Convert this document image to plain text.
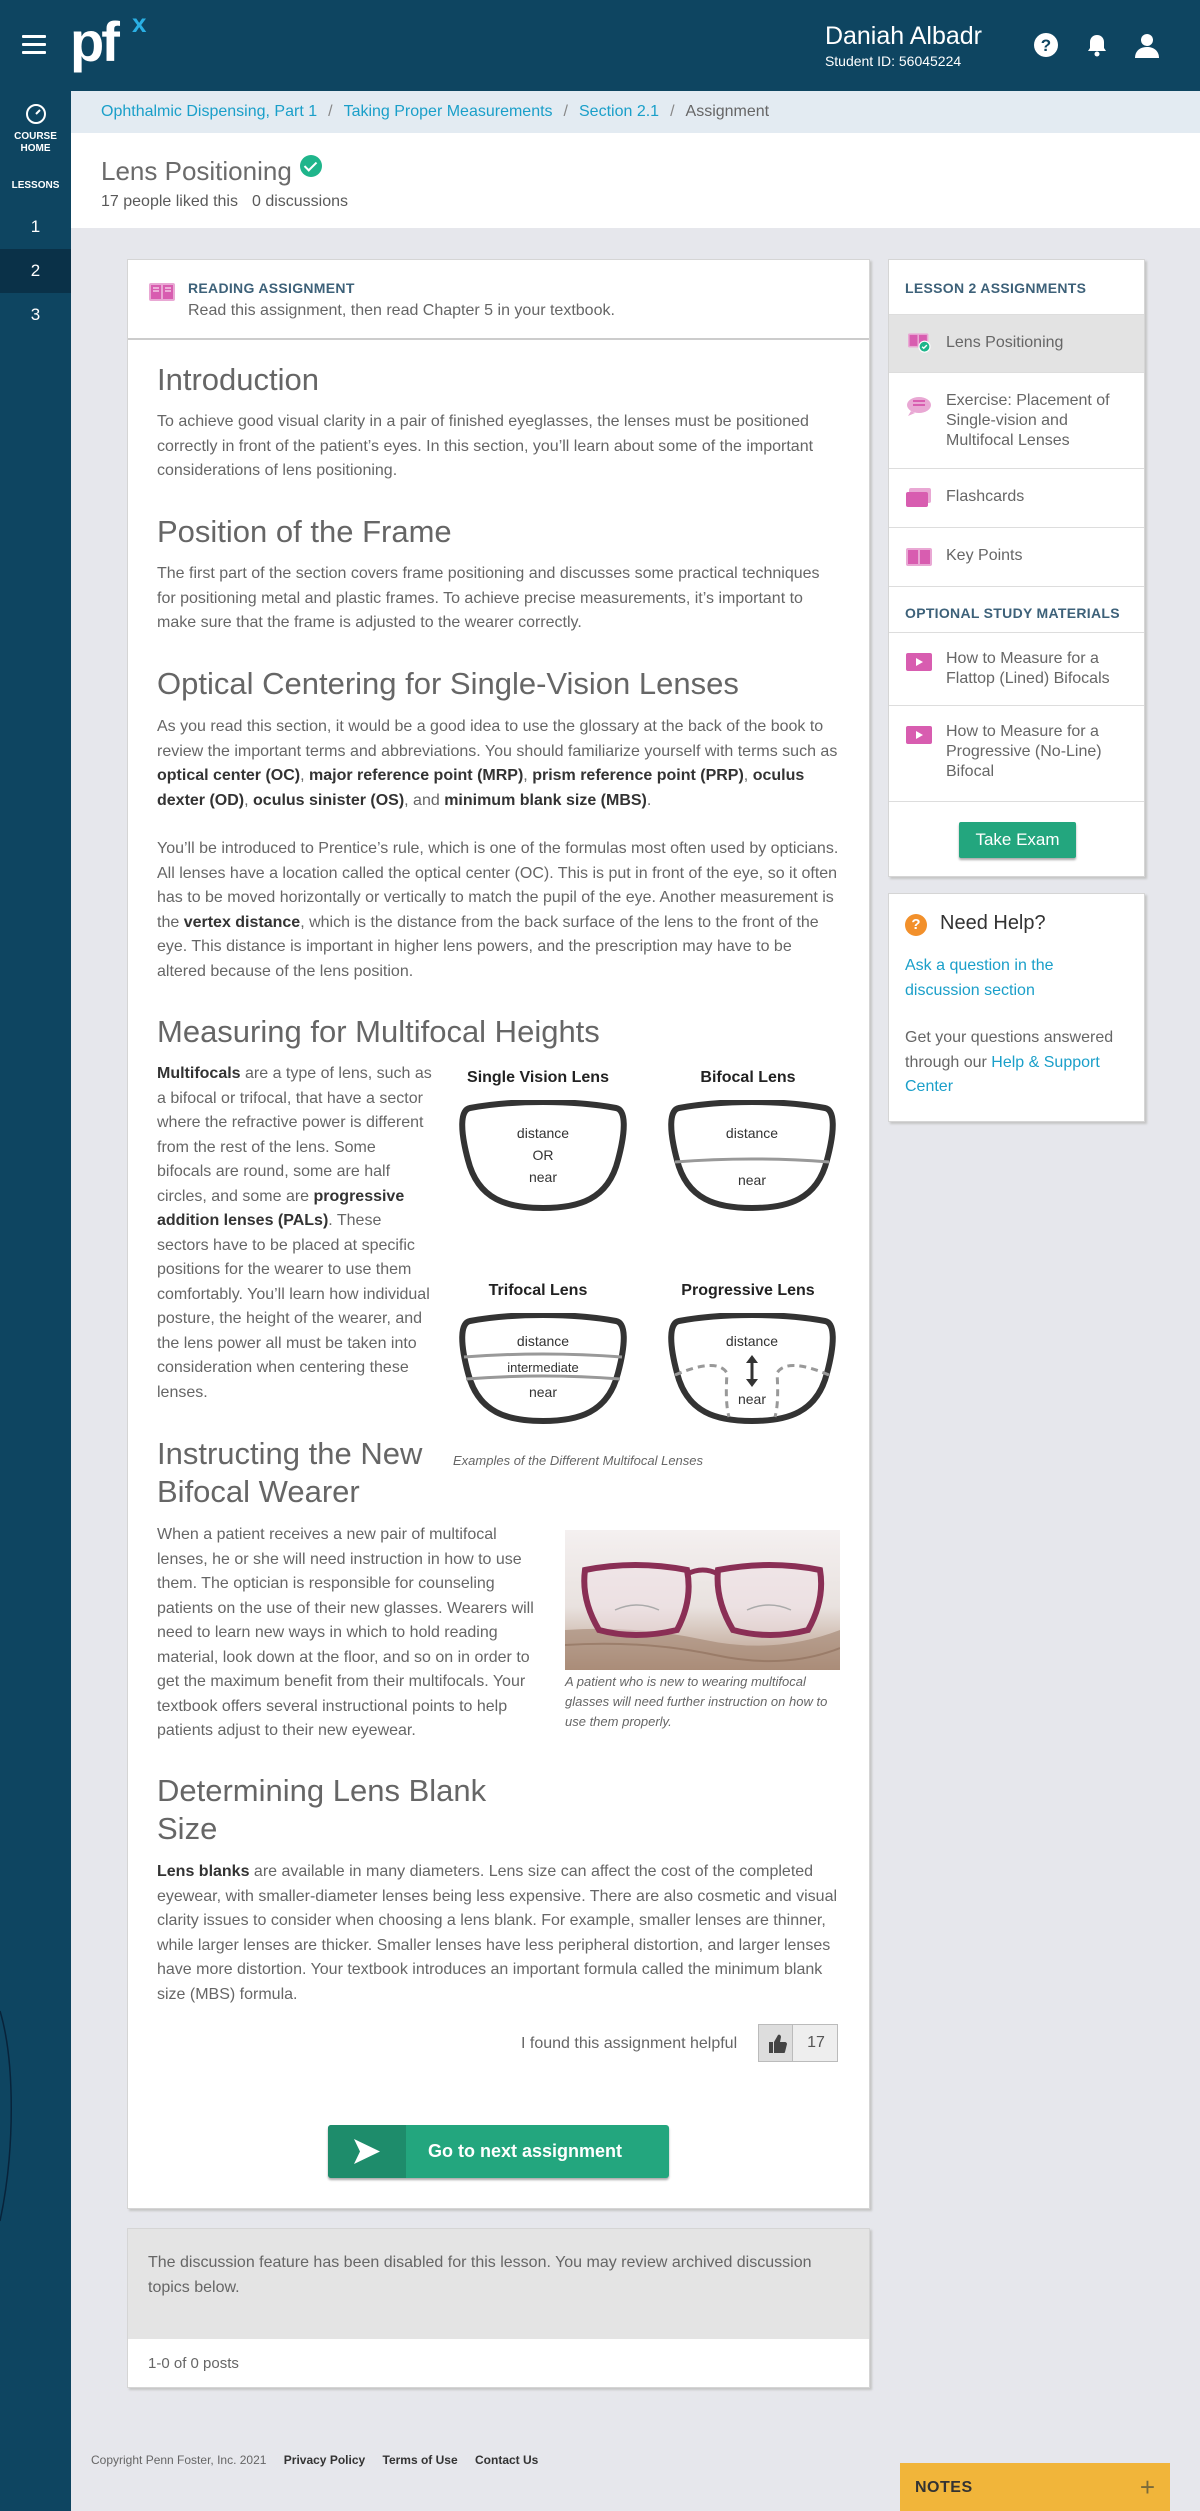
pf x	Daniah Albadr
Student ID: 56045224
?
COURSE
HOME
LESSONS
1
2
3
Ophthalmic Dispensing, Part 1 / Taking Proper Measurements / Section 2.1 / Assignment
Lens Positioning
17 people liked this 0 discussions
READING ASSIGNMENT
Read this assignment, then read Chapter 5 in your textbook.
Introduction
To achieve good visual clarity in a pair of finished eyeglasses, the lenses must be positioned correctly in front of the patient’s eyes. In this section, you’ll learn about some of the important considerations of lens positioning.
Position of the Frame
The first part of the section covers frame positioning and discusses some practical techniques for positioning metal and plastic frames. To achieve precise measurements, it’s important to make sure that the frame is adjusted to the wearer correctly.
Optical Centering for Single-Vision Lenses
As you read this section, it would be a good idea to use the glossary at the back of the book to review the important terms and abbreviations. You should familiarize yourself with terms such as optical center (OC), major reference point (MRP), prism reference point (PRP), oculus dexter (OD), oculus sinister (OS), and minimum blank size (MBS).
You’ll be introduced to Prentice’s rule, which is one of the formulas most often used by opticians. All lenses have a location called the optical center (OC). This is put in front of the eye, so it often has to be moved horizontally or vertically to match the pupil of the eye. Another measurement is the vertex distance, which is the distance from the back surface of the lens to the front of the eye. This distance is important in higher lens powers, and the prescription may have to be altered because of the lens position.
Measuring for Multifocal Heights
Multifocals are a type of lens, such as a bifocal or trifocal, that have a sector where the refractive power is different from the rest of the lens. Some bifocals are round, some are half circles, and some are progressive addition lenses (PALs). These sectors have to be placed at specific positions for the wearer to use them comfortably. You’ll learn how individual posture, the height of the wearer, and the lens power all must be taken into consideration when centering these lenses.
Single Vision Lens	Bifocal Lens
Trifocal Lens	Progressive Lens
distance
OR
near
distance
near
distance
intermediate
near
distance
near
Examples of the Different Multifocal Lenses
Instructing the New
Bifocal Wearer
When a patient receives a new pair of multifocal lenses, he or she will need instruction in how to use them. The optician is responsible for counseling patients on the use of their new glasses. Wearers will need to learn new ways in which to hold reading material, look down at the floor, and so on in order to get the maximum benefit from their multifocals. Your textbook offers several instructional points to help patients adjust to their new eyewear.
A patient who is new to wearing multifocal glasses will need further instruction on how to use them properly.
Determining Lens Blank
Size
Lens blanks are available in many diameters. Lens size can affect the cost of the completed eyewear, with smaller-diameter lenses being less expensive. There are also cosmetic and visual clarity issues to consider when choosing a lens blank. For example, smaller lenses are thinner, while larger lenses are thicker. Smaller lenses have less peripheral distortion, and larger lenses have more distortion. Your textbook introduces an important formula called the minimum blank size (MBS) formula.
I found this assignment helpful	17
Go to next assignment
The discussion feature has been disabled for this lesson. You may review archived discussion topics below.
1-0 of 0 posts
LESSON 2 ASSIGNMENTS
Lens Positioning
Exercise: Placement of Single-vision and Multifocal Lenses
Flashcards
Key Points
OPTIONAL STUDY MATERIALS
How to Measure for a Flattop (Lined) Bifocals
How to Measure for a Progressive (No-Line) Bifocal
Take Exam
? Need Help?
Ask a question in the discussion section
Get your questions answered through our Help & Support Center
Copyright Penn Foster, Inc. 2021 Privacy Policy Terms of Use Contact Us
NOTES	+
